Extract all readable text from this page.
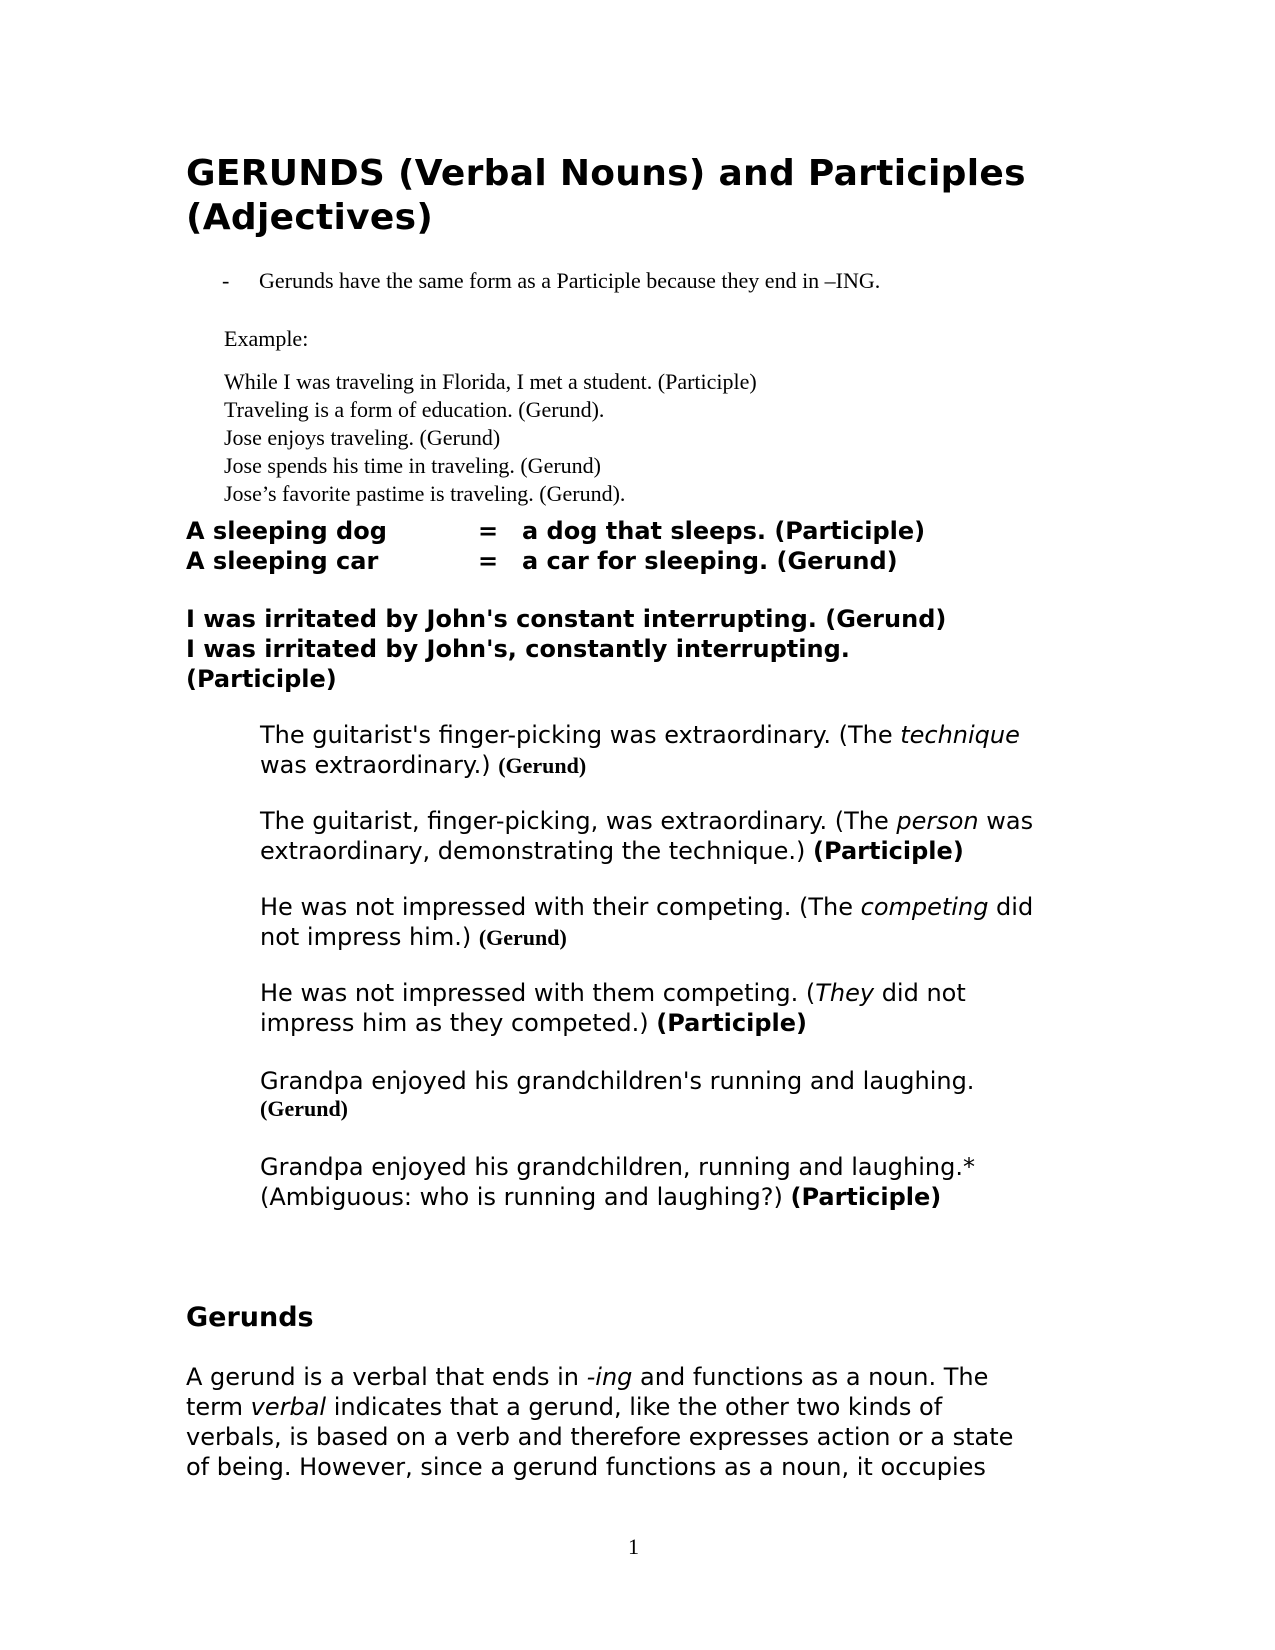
GERUNDS (Verbal Nouns) and Participles
(Adjectives)
- Gerunds have the same form as a Participle because they end in –ING.
Example:
While I was traveling in Florida, I met a student. (Participle)
Traveling is a form of education. (Gerund).
Jose enjoys traveling. (Gerund)
Jose spends his time in traveling. (Gerund)
Jose’s favorite pastime is traveling. (Gerund).
A sleeping dog	= a dog that sleeps. (Participle)
A sleeping car	= a car for sleeping. (Gerund)
I was irritated by John's constant interrupting. (Gerund)
I was irritated by John's, constantly interrupting.
(Participle)
The guitarist's finger-picking was extraordinary. (The technique
was extraordinary.) (Gerund)
The guitarist, finger-picking, was extraordinary. (The person was
extraordinary, demonstrating the technique.) (Participle)
He was not impressed with their competing. (The competing did
not impress him.) (Gerund)
He was not impressed with them competing. (They did not
impress him as they competed.) (Participle)
Grandpa enjoyed his grandchildren's running and laughing.
(Gerund)
Grandpa enjoyed his grandchildren, running and laughing.*
(Ambiguous: who is running and laughing?) (Participle)
Gerunds
A gerund is a verbal that ends in -ing and functions as a noun. The
term verbal indicates that a gerund, like the other two kinds of
verbals, is based on a verb and therefore expresses action or a state
of being. However, since a gerund functions as a noun, it occupies
1
